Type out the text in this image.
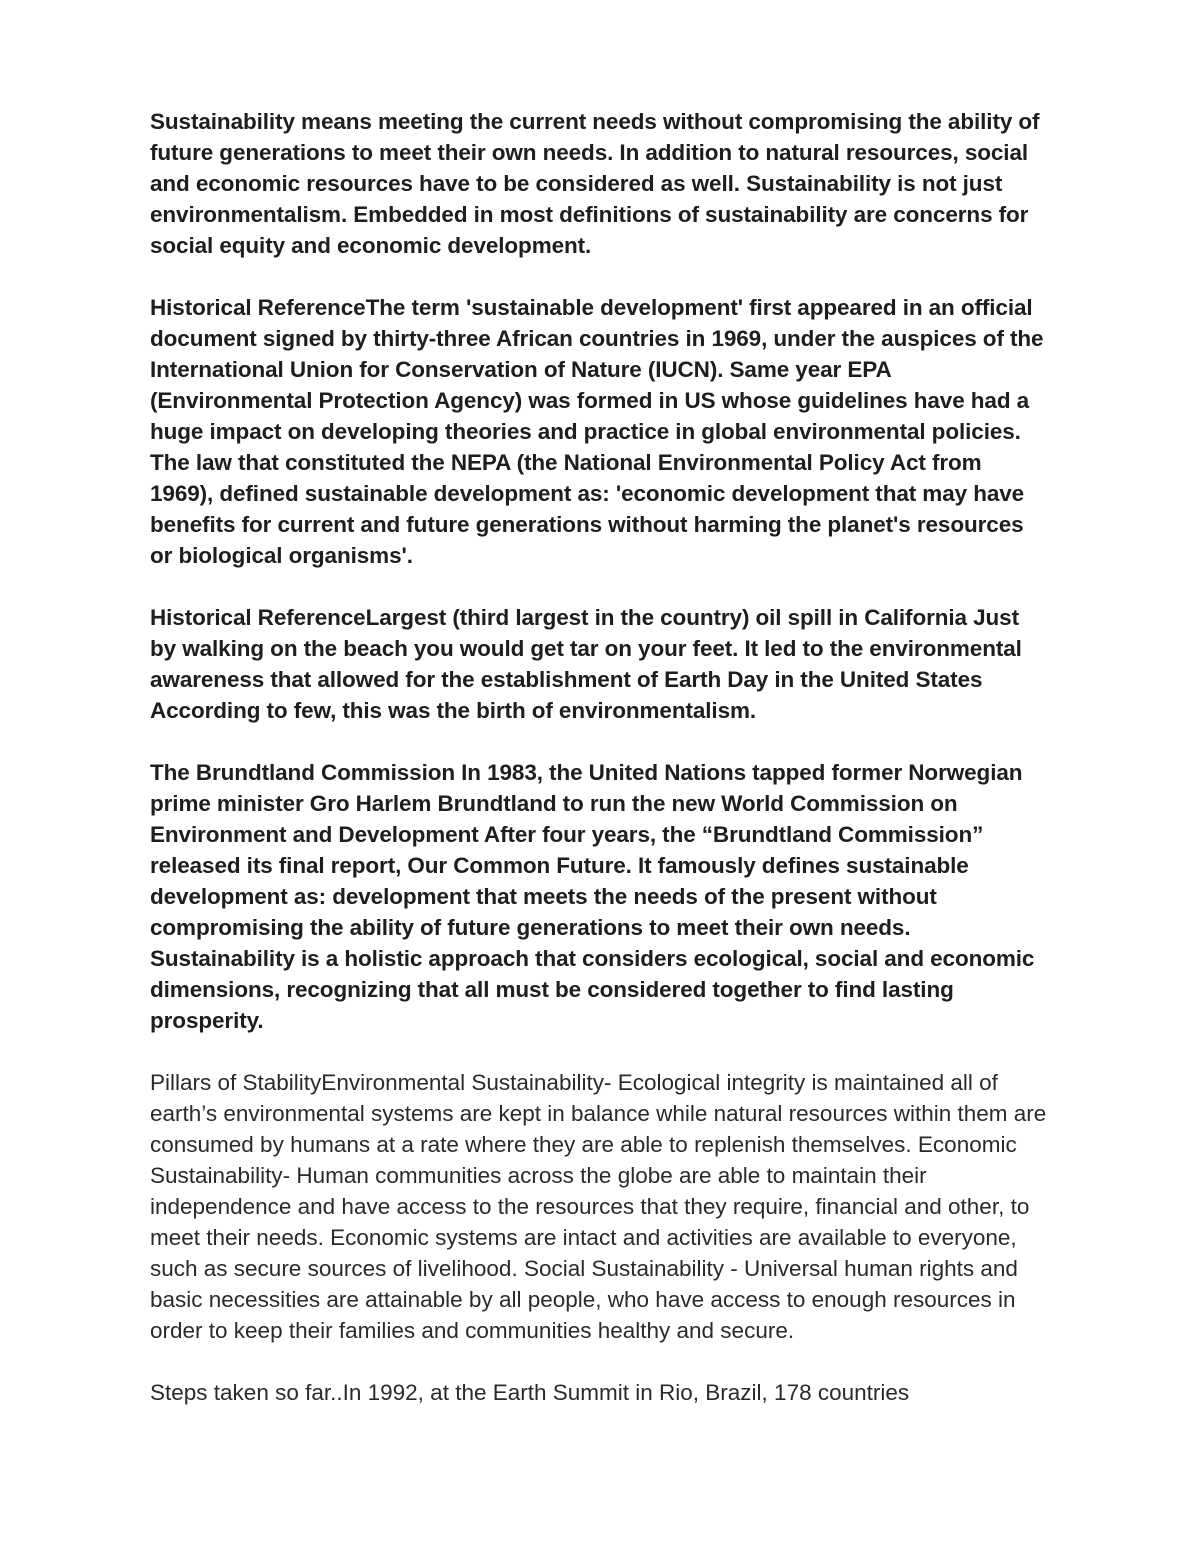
Sustainability means meeting the current needs without compromising the ability of future generations to meet their own needs. In addition to natural resources, social and economic resources have to be considered as well. Sustainability is not just environmentalism. Embedded in most definitions of sustainability are concerns for social equity and economic development.

Historical ReferenceThe term 'sustainable development' first appeared in an official document signed by thirty-three African countries in 1969, under the auspices of the International Union for Conservation of Nature (IUCN). Same year EPA (Environmental Protection Agency) was formed in US whose guidelines have had a huge impact on developing theories and practice in global environmental policies. The law that constituted the NEPA (the National Environmental Policy Act from 1969), defined sustainable development as: 'economic development that may have benefits for current and future generations without harming the planet's resources or biological organisms'.

Historical ReferenceLargest (third largest in the country) oil spill in California Just by walking on the beach you would get tar on your feet. It led to the environmental awareness that allowed for the establishment of Earth Day in the United States According to few, this was the birth of environmentalism.

The Brundtland Commission In 1983, the United Nations tapped former Norwegian prime minister Gro Harlem Brundtland to run the new World Commission on Environment and Development After four years, the “Brundtland Commission” released its final report, Our Common Future. It famously defines sustainable development as: development that meets the needs of the present without compromising the ability of future generations to meet their own needs. Sustainability is a holistic approach that considers ecological, social and economic dimensions, recognizing that all must be considered together to find lasting prosperity.

Pillars of StabilityEnvironmental Sustainability- Ecological integrity is maintained all of earth’s environmental systems are kept in balance while natural resources within them are consumed by humans at a rate where they are able to replenish themselves. Economic Sustainability- Human communities across the globe are able to maintain their independence and have access to the resources that they require, financial and other, to meet their needs. Economic systems are intact and activities are available to everyone, such as secure sources of livelihood. Social Sustainability - Universal human rights and basic necessities are attainable by all people, who have access to enough resources in order to keep their families and communities healthy and secure.

Steps taken so far..In 1992, at the Earth Summit in Rio, Brazil, 178 countries
